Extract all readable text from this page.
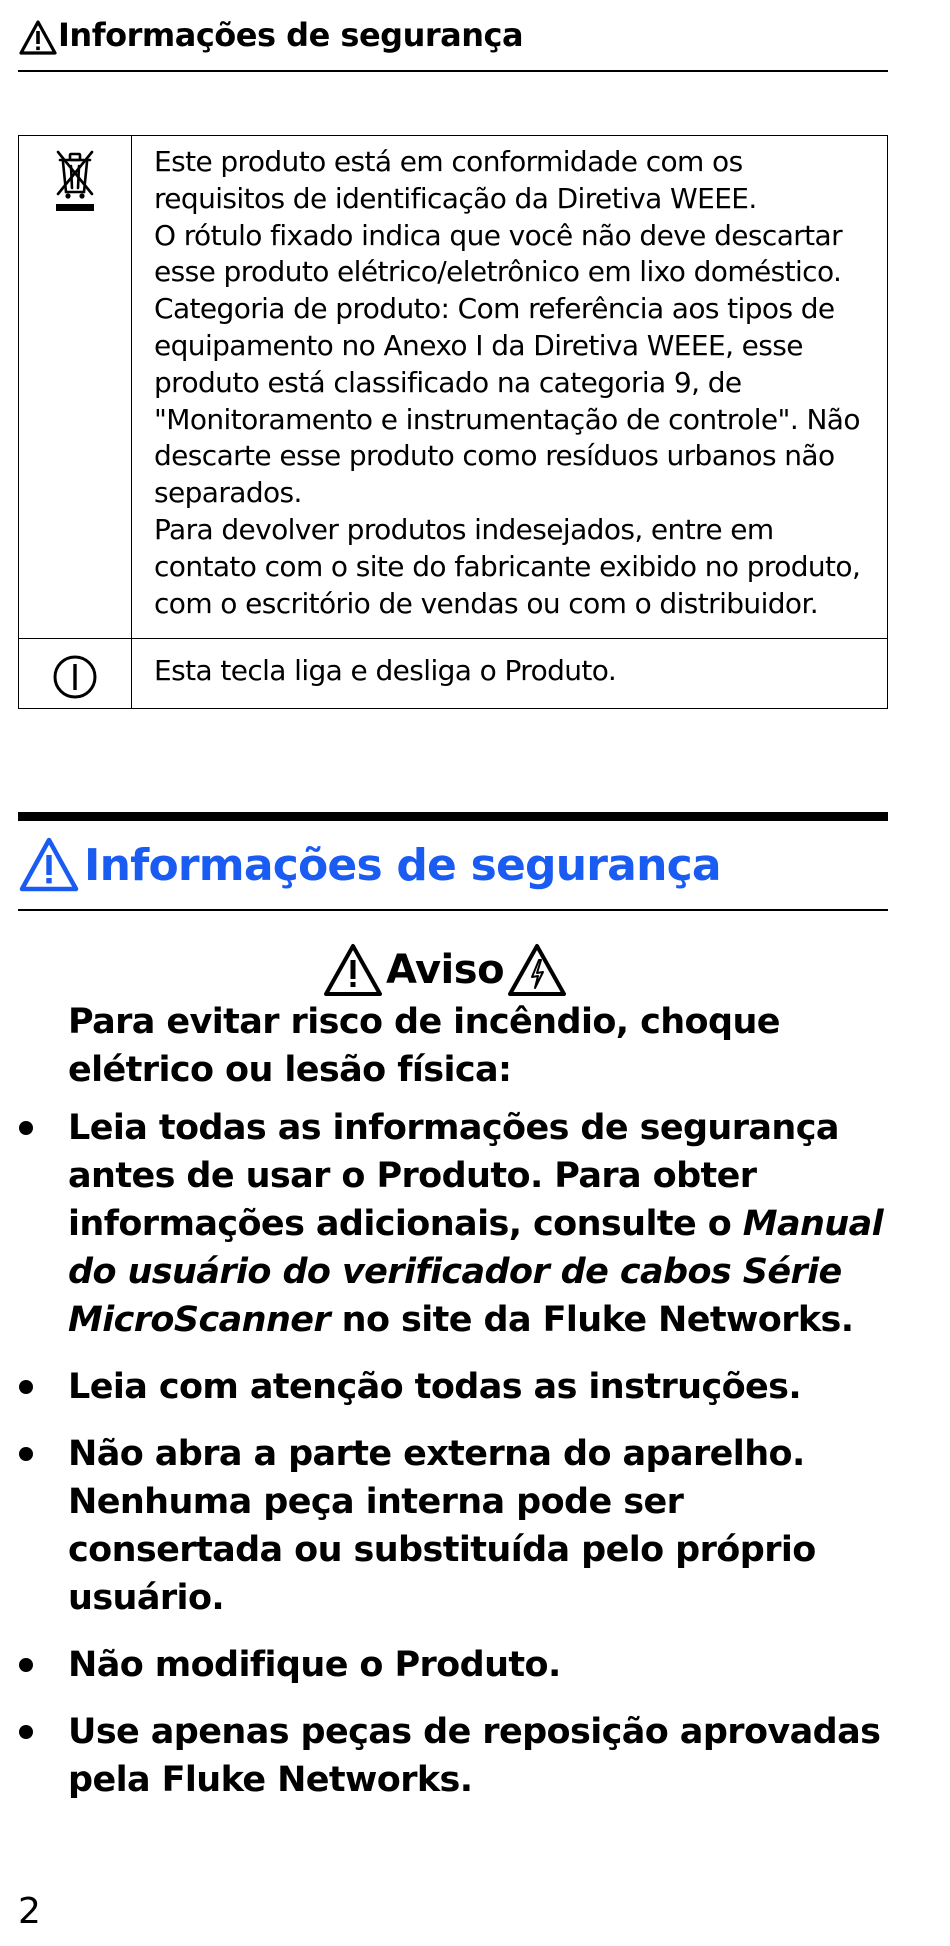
Informações de segurança

Este produto está em conformidade com os requisitos de identificação da Diretiva WEEE.

O rótulo fixado indica que você não deve descartar esse produto elétrico/eletrônico em lixo doméstico. Categoria de produto: Com referência aos tipos de equipamento no Anexo I da Diretiva WEEE, esse produto está classificado na categoria 9, de "Monitoramento e instrumentação de controle". Não descarte esse produto como resíduos urbanos não separados.

Para devolver produtos indesejados, entre em contato com o site do fabricante exibido no produto, com o escritório de vendas ou com o distribuidor.

Esta tecla liga e desliga o Produto.

Informações de segurança
Aviso

Para evitar risco de incêndio, choque elétrico ou lesão física:

Leia todas as informações de segurança antes de usar o Produto. Para obter informações adicionais, consulte o Manual do usuário do verificador de cabos Série MicroScanner no site da Fluke Networks.
Leia com atenção todas as instruções.
Não abra a parte externa do aparelho. Nenhuma peça interna pode ser consertada ou substituída pelo próprio usuário.
Não modifique o Produto.
Use apenas peças de reposição aprovadas pela Fluke Networks.
2
